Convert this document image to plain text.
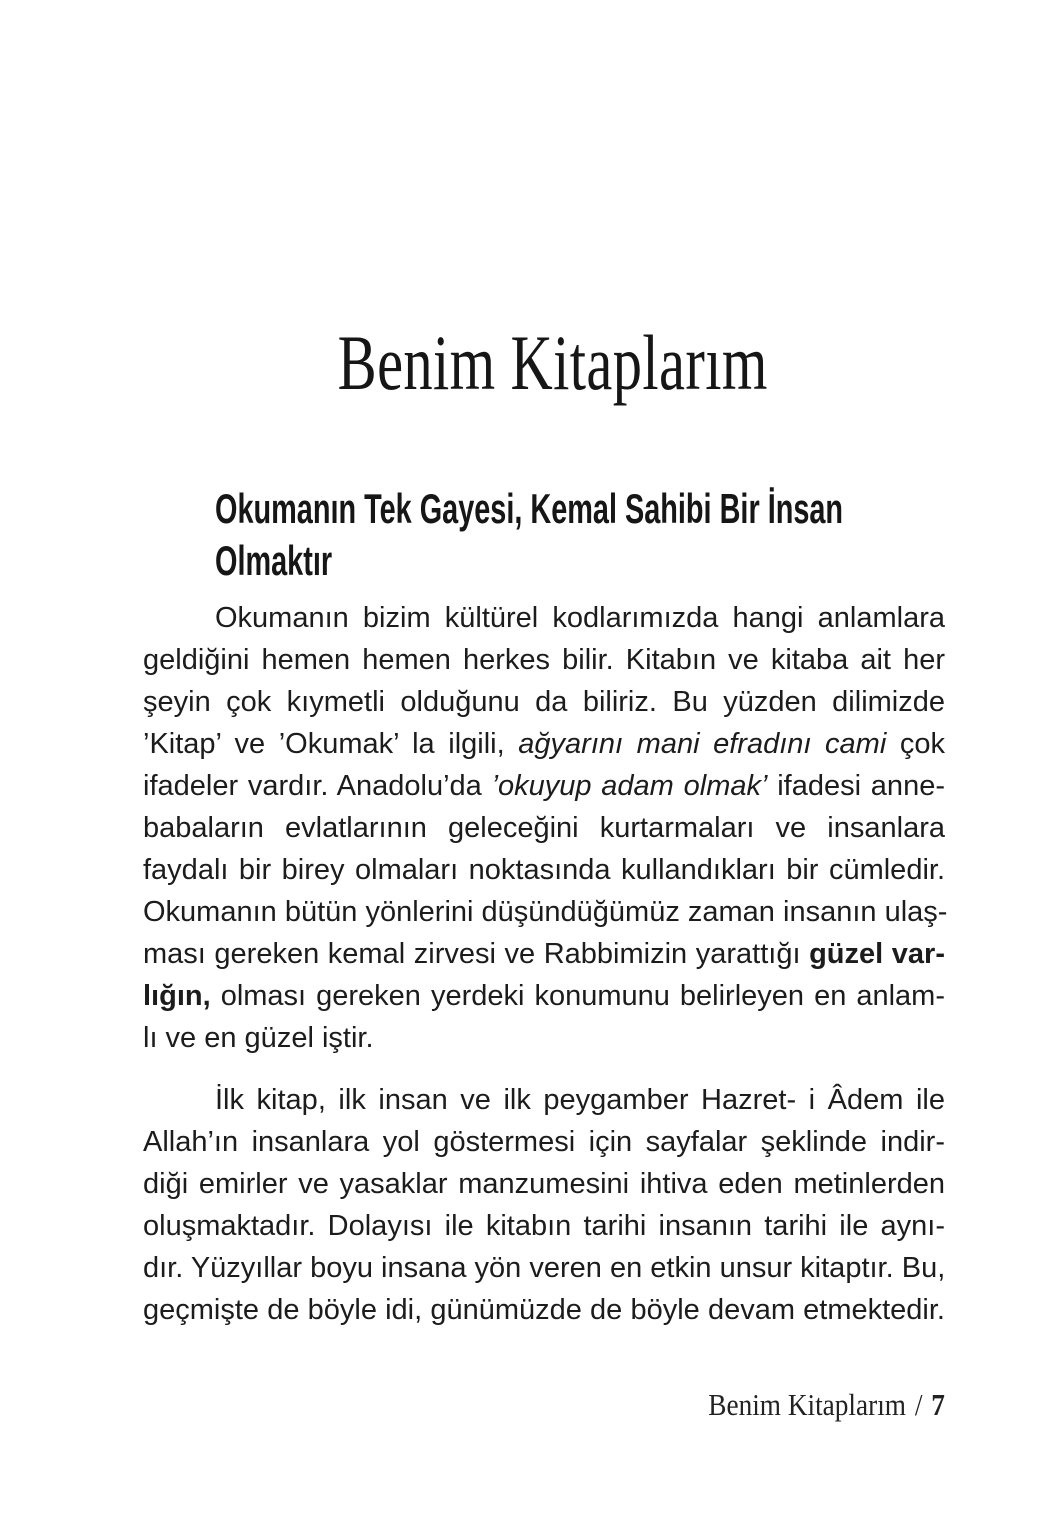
Benim Kitaplarım
Okumanın Tek Gayesi, Kemal Sahibi Bir İnsan
Olmaktır
Okumanın bizim kültürel kodlarımızda hangi anlamlara
geldiğini hemen hemen herkes bilir. Kitabın ve kitaba ait her
şeyin çok kıymetli olduğunu da biliriz. Bu yüzden dilimizde
’Kitap’ ve ’Okumak’ la ilgili, ağyarını mani efradını cami çok
ifadeler vardır. Anadolu’da ’okuyup adam olmak’ ifadesi anne-
babaların evlatlarının geleceğini kurtarmaları ve insanlara
faydalı bir birey olmaları noktasında kullandıkları bir cümledir.
Okumanın bütün yönlerini düşündüğümüz zaman insanın ulaş-
ması gereken kemal zirvesi ve Rabbimizin yarattığı güzel var-
lığın, olması gereken yerdeki konumunu belirleyen en anlam-
lı ve en güzel iştir.
İlk kitap, ilk insan ve ilk peygamber Hazret- i Âdem ile
Allah’ın insanlara yol göstermesi için sayfalar şeklinde indir-
diği emirler ve yasaklar manzumesini ihtiva eden metinlerden
oluşmaktadır. Dolayısı ile kitabın tarihi insanın tarihi ile aynı-
dır. Yüzyıllar boyu insana yön veren en etkin unsur kitaptır. Bu,
geçmişte de böyle idi, günümüzde de böyle devam etmektedir.
Benim Kitaplarım / 7
